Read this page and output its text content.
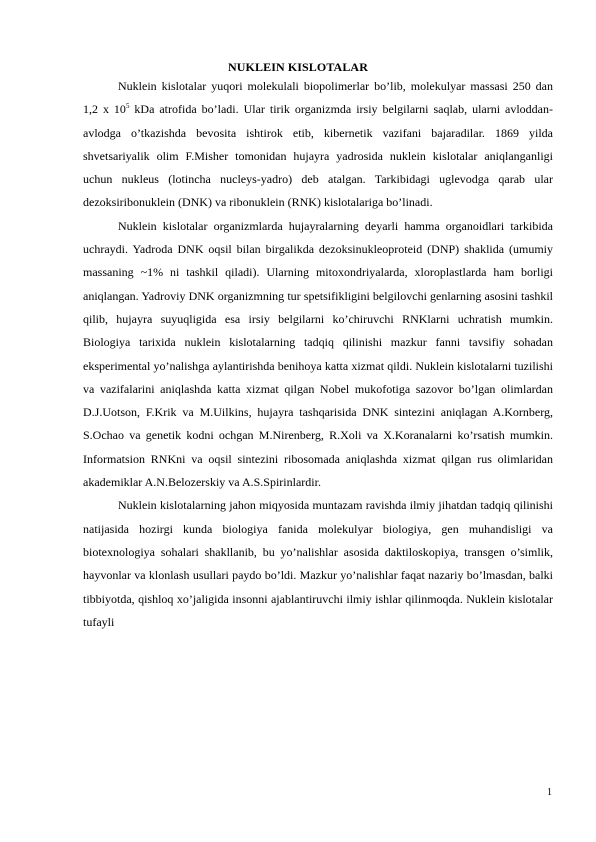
NUKLEIN KISLOTALAR

Nuklein kislotalar yuqori molekulali biopolimerlar bo’lib, molekulyar massasi 250 dan 1,2 x $10^5$ kDa atrofida bo’ladi. Ular tirik organizmda irsiy belgilarni saqlab, ularni avloddan-avlodga o’tkazishda bevosita ishtirok etib, kibernetik vazifani bajaradilar. 1869 yilda shvetsariyalik olim F.Misher tomonidan hujayra yadrosida nuklein kislotalar aniqlanganligi uchun nukleus (lotincha nucleys-yadro) deb atalgan. Tarkibidagi uglevodga qarab ular dezoksiribonuklein (DNK) va ribonuklein (RNK) kislotalariga bo’linadi.

Nuklein kislotalar organizmlarda hujayralarning deyarli hamma organoidlari tarkibida uchraydi. Yadroda DNK oqsil bilan birgalikda dezoksinukleoproteid (DNP) shaklida (umumiy massaning ~1% ni tashkil qiladi). Ularning mitoxondriyalarda, xloroplastlarda ham borligi aniqlangan. Yadroviy DNK organizmning tur spetsifikligini belgilovchi genlarning asosini tashkil qilib, hujayra suyuqligida esa irsiy belgilarni ko’chiruvchi RNKlarni uchratish mumkin. Biologiya tarixida nuklein kislotalarning tadqiq qilinishi mazkur fanni tavsifiy sohadan eksperimental yo’nalishga aylantirishda benihoya katta xizmat qildi. Nuklein kislotalarni tuzilishi va vazifalarini aniqlashda katta xizmat qilgan Nobel mukofotiga sazovor bo’lgan olimlardan D.J.Uotson, F.Krik va M.Uilkins, hujayra tashqarisida DNK sintezini aniqlagan A.Kornberg, S.Ochao va genetik kodni ochgan M.Nirenberg, R.Xoli va X.Koranalarni ko’rsatish mumkin. Informatsion RNKni va oqsil sintezini ribosomada aniqlashda xizmat qilgan rus olimlaridan akademiklar A.N.Belozerskiy va A.S.Spirinlardir.

Nuklein kislotalarning jahon miqyosida muntazam ravishda ilmiy jihatdan tadqiq qilinishi natijasida hozirgi kunda biologiya fanida molekulyar biologiya, gen muhandisligi va biotexnologiya sohalari shakllanib, bu yo’nalishlar asosida daktiloskopiya, transgen o’simlik, hayvonlar va klonlash usullari paydo bo’ldi. Mazkur yo’nalishlar faqat nazariy bo’lmasdan, balki tibbiyotda, qishloq xo’jaligida insonni ajablantiruvchi ilmiy ishlar qilinmoqda. Nuklein kislotalar tufayli

1
